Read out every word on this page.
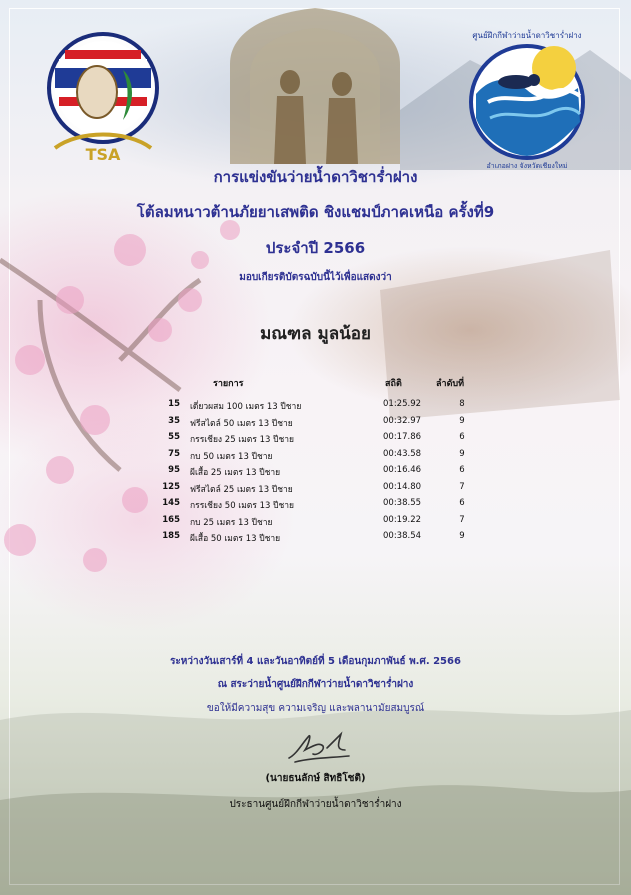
TSA
ศูนย์ฝึกกีฬาว่ายน้ำดาวิชาร่ำฝาง
อำเภอฝาง จังหวัดเชียงใหม่
การแข่งขันว่ายน้ำดาวิชาร่ำฝาง
โต้ลมหนาวต้านภัยยาเสพติด ชิงแชมป์ภาคเหนือ ครั้งที่9
ประจำปี 2566
มอบเกียรติบัตรฉบับนี้ไว้เพื่อแสดงว่า
มณฑล มูลน้อย
รายการ	สถิติ	ลำดับที่
15 เดี่ยวผสม 100 เมตร 13 ปีชาย	01:25.92	8
35 ฟรีสไตล์ 50 เมตร 13 ปีชาย	00:32.97	9
55 กรรเชียง 25 เมตร 13 ปีชาย	00:17.86	6
75 กบ 50 เมตร 13 ปีชาย	00:43.58	9
95 ผีเสื้อ 25 เมตร 13 ปีชาย	00:16.46	6
125 ฟรีสไตล์ 25 เมตร 13 ปีชาย	00:14.80	7
145 กรรเชียง 50 เมตร 13 ปีชาย	00:38.55	6
165 กบ 25 เมตร 13 ปีชาย	00:19.22	7
185 ผีเสื้อ 50 เมตร 13 ปีชาย	00:38.54	9
ระหว่างวันเสาร์ที่ 4 และวันอาทิตย์ที่ 5 เดือนกุมภาพันธ์ พ.ศ. 2566
ณ สระว่ายน้ำศูนย์ฝึกกีฬาว่ายน้ำดาวิชาร่ำฝาง
ขอให้มีความสุข ความเจริญ และพลานามัยสมบูรณ์
(นายธนลักษ์ สิทธิโชติ)
ประธานศูนย์ฝึกกีฬาว่ายน้ำดาวิชาร่ำฝาง
